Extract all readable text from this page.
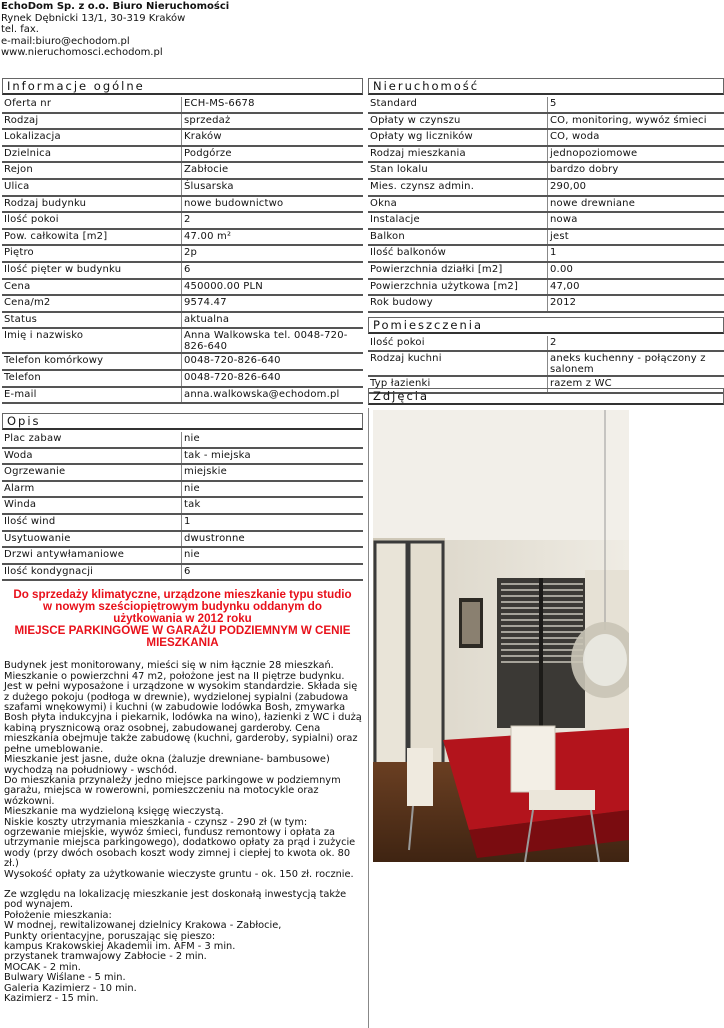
EchoDom Sp. z o.o. Biuro Nieruchomości
Rynek Dębnicki 13/1, 30-319 Kraków
tel. fax.
e-mail:biuro@echodom.pl
www.nieruchomosci.echodom.pl
Informacje ogólne
Oferta nr	ECH-MS-6678
Rodzaj	sprzedaż
Lokalizacja	Kraków
Dzielnica	Podgórze
Rejon	Zabłocie
Ulica	Ślusarska
Rodzaj budynku	nowe budownictwo
Ilość pokoi	2
Pow. całkowita [m2]	47.00 m²
Piętro	2p
Ilość pięter w budynku	6
Cena	450000.00 PLN
Cena/m2	9574.47
Status	aktualna
Imię i nazwisko	Anna Walkowska tel. 0048-720-826-640
Telefon komórkowy	0048-720-826-640
Telefon	0048-720-826-640
E-mail	anna.walkowska@echodom.pl
Opis
Plac zabaw	nie
Woda	tak - miejska
Ogrzewanie	miejskie
Alarm	nie
Winda	tak
Ilość wind	1
Usytuowanie	dwustronne
Drzwi antywłamaniowe	nie
Ilość kondygnacji	6
Do sprzedaży klimatyczne, urządzone mieszkanie typu studio w nowym sześciopiętrowym budynku oddanym do użytkowania w 2012 roku
MIEJSCE PARKINGOWE W GARAŻU PODZIEMNYM W CENIE MIESZKANIA

Budynek jest monitorowany, mieści się w nim łącznie 28 mieszkań.

Mieszkanie o powierzchni 47 m2, położone jest na II piętrze budynku. Jest w pełni wyposażone i urządzone w wysokim standardzie. Składa się z dużego pokoju (podłoga w drewnie), wydzielonej sypialni (zabudowa szafami wnękowymi) i kuchni (w zabudowie lodówka Bosh, zmywarka Bosh płyta indukcyjna i piekarnik, lodówka na wino), łazienki z WC i dużą kabiną prysznicową oraz osobnej, zabudowanej garderoby. Cena mieszkania obejmuje także zabudowę (kuchni, garderoby, sypialni) oraz pełne umeblowanie.

Mieszkanie jest jasne, duże okna (żaluzje drewniane- bambusowe) wychodzą na południowy - wschód.

Do mieszkania przynależy jedno miejsce parkingowe w podziemnym garażu, miejsca w rowerowni, pomieszczeniu na motocykle oraz wózkowni.

Mieszkanie ma wydzieloną księgę wieczystą.

Niskie koszty utrzymania mieszkania - czynsz - 290 zł (w tym: ogrzewanie miejskie, wywóz śmieci, fundusz remontowy i opłata za utrzymanie miejsca parkingowego), dodatkowo opłaty za prąd i zużycie wody (przy dwóch osobach koszt wody zimnej i ciepłej to kwota ok. 80 zł.)

Wysokość opłaty za użytkowanie wieczyste gruntu - ok. 150 zł. rocznie.

Ze względu na lokalizację mieszkanie jest doskonałą inwestycją także pod wynajem.

Położenie mieszkania:

W modnej, rewitalizowanej dzielnicy Krakowa - Zabłocie,

Punkty orientacyjne, poruszając się pieszo:

kampus Krakowskiej Akademii im. AFM - 3 min.

przystanek tramwajowy Zabłocie - 2 min.

MOCAK - 2 min.

Bulwary Wiślane - 5 min.

Galeria Kazimierz - 10 min.

Kazimierz - 15 min.

Nieruchomość
Standard	5
Opłaty w czynszu	CO, monitoring, wywóz śmieci
Opłaty wg liczników	CO, woda
Rodzaj mieszkania	jednopoziomowe
Stan lokalu	bardzo dobry
Mies. czynsz admin.	290,00
Okna	nowe drewniane
Instalacje	nowa
Balkon	jest
Ilość balkonów	1
Powierzchnia działki [m2]	0.00
Powierzchnia użytkowa [m2]	47,00
Rok budowy	2012
Pomieszczenia
Ilość pokoi	2
Rodzaj kuchni	aneks kuchenny - połączony z salonem
Typ łazienki	razem z WC
Zdjęcia
